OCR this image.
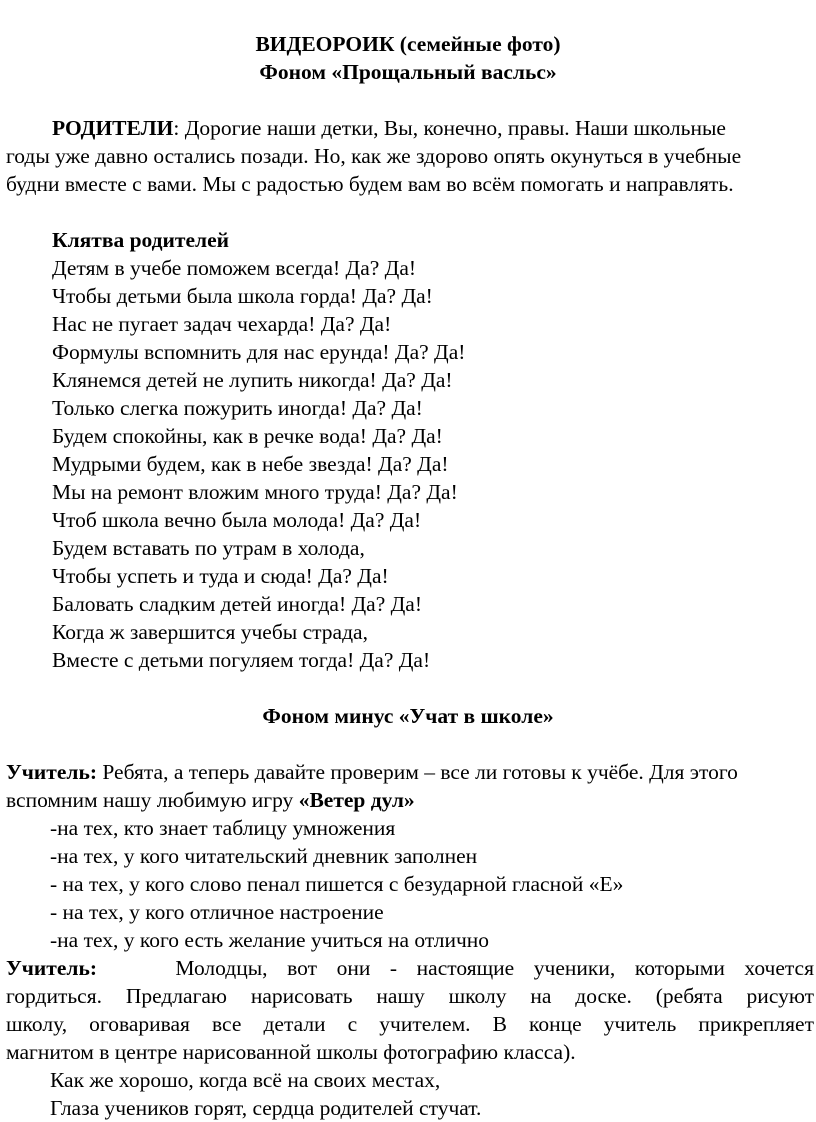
ВИДЕОРОИК (семейные фото)
Фоном «Прощальный васльс»
РОДИТЕЛИ: Дорогие наши детки, Вы, конечно, правы. Наши школьные
годы уже давно остались позади. Но, как же здорово опять окунуться в учебные
будни вместе с вами. Мы с радостью будем вам во всём помогать и направлять.
Клятва родителей
Детям в учебе поможем всегда! Да? Да!
Чтобы детьми была школа горда! Да? Да!
Нас не пугает задач чехарда! Да? Да!
Формулы вспомнить для нас ерунда! Да? Да!
Клянемся детей не лупить никогда! Да? Да!
Только слегка пожурить иногда! Да? Да!
Будем спокойны, как в речке вода! Да? Да!
Мудрыми будем, как в небе звезда! Да? Да!
Мы на ремонт вложим много труда! Да? Да!
Чтоб школа вечно была молода! Да? Да!
Будем вставать по утрам в холода,
Чтобы успеть и туда и сюда! Да? Да!
Баловать сладким детей иногда! Да? Да!
Когда ж завершится учебы страда,
Вместе с детьми погуляем тогда! Да? Да!
Фоном минус «Учат в школе»
Учитель: Ребята, а теперь давайте проверим – все ли готовы к учёбе. Для этого
вспомним нашу любимую игру «Ветер дул»
-на тех, кто знает таблицу умножения
-на тех, у кого читательский дневник заполнен
- на тех, у кого слово пенал пишется с безударной гласной «Е»
- на тех, у кого отличное настроение
-на тех, у кого есть желание учиться на отлично
Учитель:	Молодцы, вот они - настоящие ученики, которыми хочется
гордиться. Предлагаю нарисовать нашу школу на доске. (ребята рисуют
школу, оговаривая все детали с учителем. В конце учитель прикрепляет
магнитом в центре нарисованной школы фотографию класса).
Как же хорошо, когда всё на своих местах,
Глаза учеников горят, сердца родителей стучат.
